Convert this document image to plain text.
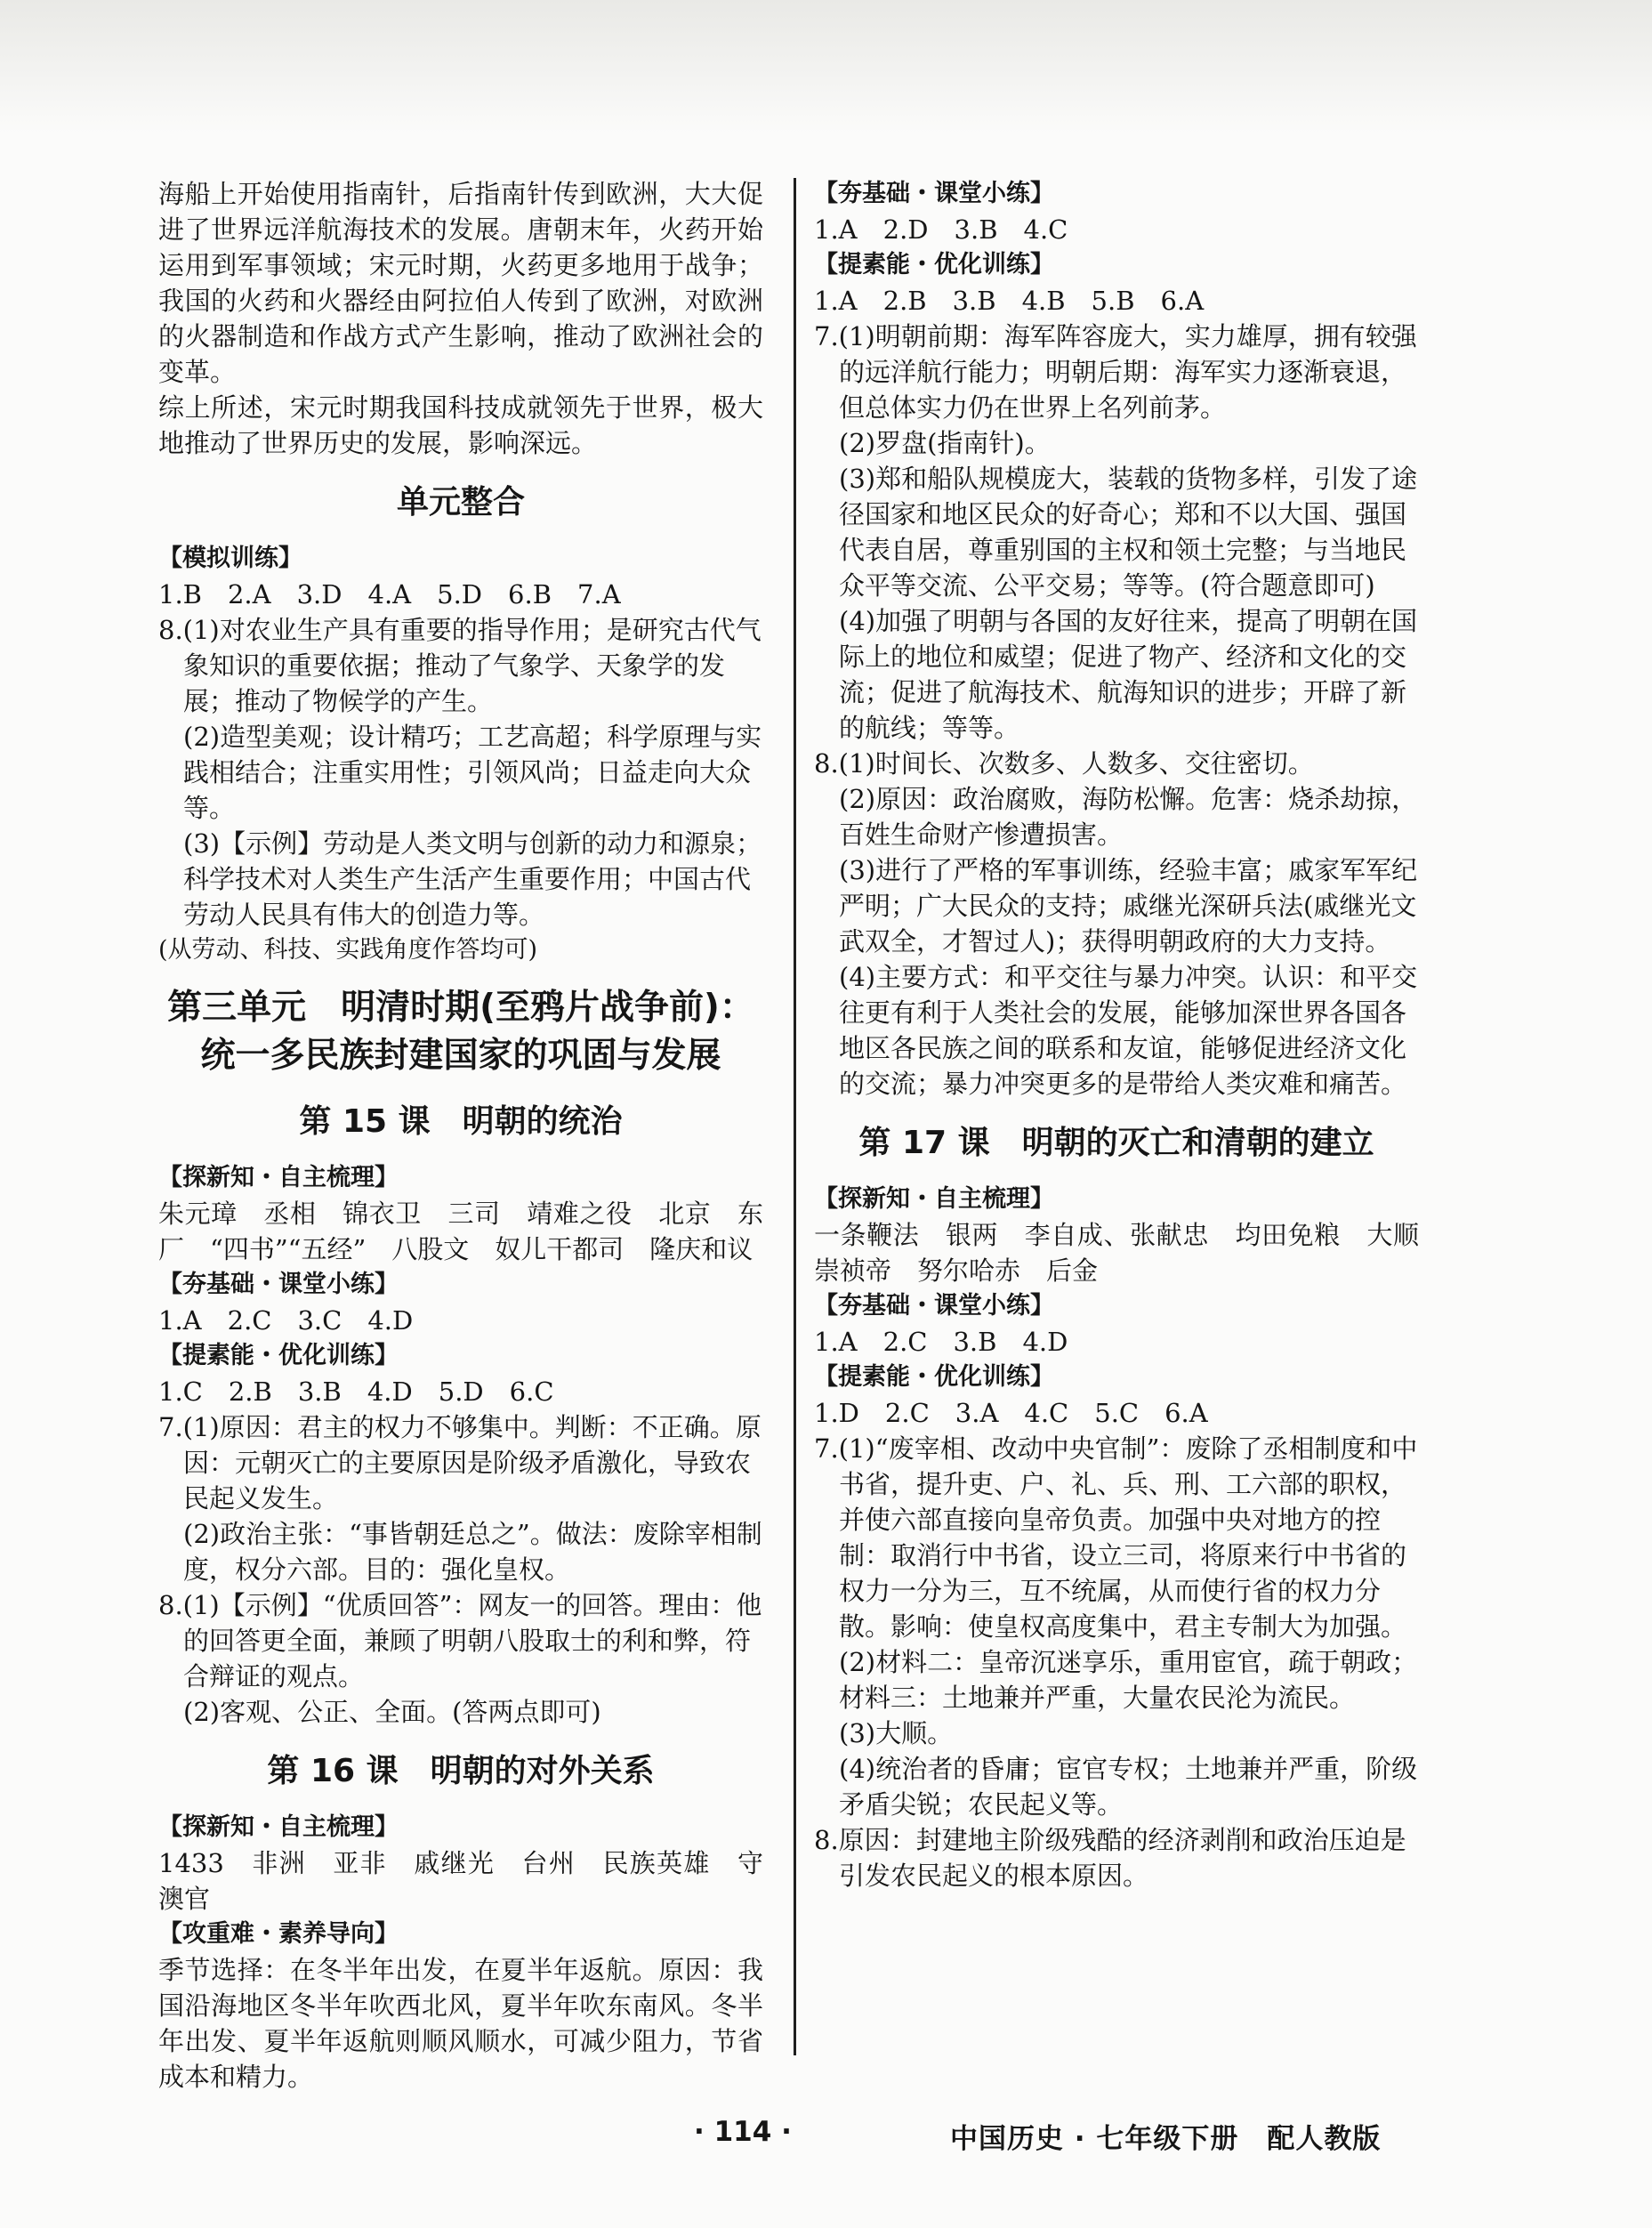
海船上开始使用指南针，后指南针传到欧洲，大大促进了世界远洋航海技术的发展。唐朝末年，火药开始运用到军事领域；宋元时期，火药更多地用于战争；我国的火药和火器经由阿拉伯人传到了欧洲，对欧洲的火器制造和作战方式产生影响，推动了欧洲社会的变革。

综上所述，宋元时期我国科技成就领先于世界，极大地推动了世界历史的发展，影响深远。

单元整合

【模拟训练】

1.B　2.A　3.D　4.A　5.D　6.B　7.A

8.(1)对农业生产具有重要的指导作用；是研究古代气象知识的重要依据；推动了气象学、天象学的发展；推动了物候学的产生。

(2)造型美观；设计精巧；工艺高超；科学原理与实践相结合；注重实用性；引领风尚；日益走向大众等。

(3)【示例】劳动是人类文明与创新的动力和源泉；科学技术对人类生产生活产生重要作用；中国古代劳动人民具有伟大的创造力等。

(从劳动、科技、实践角度作答均可)

第三单元　明清时期(至鸦片战争前)：
统一多民族封建国家的巩固与发展
第 15 课　明朝的统治

【探新知・自主梳理】

朱元璋　丞相　锦衣卫　三司　靖难之役　北京　东厂　“四书”“五经”　八股文　奴儿干都司　隆庆和议

【夯基础・课堂小练】

1.A　2.C　3.C　4.D

【提素能・优化训练】

1.C　2.B　3.B　4.D　5.D　6.C

7.(1)原因：君主的权力不够集中。判断：不正确。原因：元朝灭亡的主要原因是阶级矛盾激化，导致农民起义发生。

(2)政治主张：“事皆朝廷总之”。做法：废除宰相制度，权分六部。目的：强化皇权。

8.(1)【示例】“优质回答”：网友一的回答。理由：他的回答更全面，兼顾了明朝八股取士的利和弊，符合辩证的观点。

(2)客观、公正、全面。(答两点即可)

第 16 课　明朝的对外关系

【探新知・自主梳理】

1433　非洲　亚非　戚继光　台州　民族英雄　守澳官

【攻重难・素养导向】

季节选择：在冬半年出发，在夏半年返航。原因：我国沿海地区冬半年吹西北风，夏半年吹东南风。冬半年出发、夏半年返航则顺风顺水，可减少阻力，节省成本和精力。

【夯基础・课堂小练】

1.A　2.D　3.B　4.C

【提素能・优化训练】

1.A　2.B　3.B　4.B　5.B　6.A

7.(1)明朝前期：海军阵容庞大，实力雄厚，拥有较强的远洋航行能力；明朝后期：海军实力逐渐衰退，但总体实力仍在世界上名列前茅。

(2)罗盘(指南针)。

(3)郑和船队规模庞大，装载的货物多样，引发了途径国家和地区民众的好奇心；郑和不以大国、强国代表自居，尊重别国的主权和领土完整；与当地民众平等交流、公平交易；等等。(符合题意即可)

(4)加强了明朝与各国的友好往来，提高了明朝在国际上的地位和威望；促进了物产、经济和文化的交流；促进了航海技术、航海知识的进步；开辟了新的航线；等等。

8.(1)时间长、次数多、人数多、交往密切。

(2)原因：政治腐败，海防松懈。危害：烧杀劫掠，百姓生命财产惨遭损害。

(3)进行了严格的军事训练，经验丰富；戚家军军纪严明；广大民众的支持；戚继光深研兵法(戚继光文武双全，才智过人)；获得明朝政府的大力支持。

(4)主要方式：和平交往与暴力冲突。认识：和平交往更有利于人类社会的发展，能够加深世界各国各地区各民族之间的联系和友谊，能够促进经济文化的交流；暴力冲突更多的是带给人类灾难和痛苦。

第 17 课　明朝的灭亡和清朝的建立

【探新知・自主梳理】

一条鞭法　银两　李自成、张献忠　均田免粮　大顺　崇祯帝　努尔哈赤　后金

【夯基础・课堂小练】

1.A　2.C　3.B　4.D

【提素能・优化训练】

1.D　2.C　3.A　4.C　5.C　6.A

7.(1)“废宰相、改动中央官制”：废除了丞相制度和中书省，提升吏、户、礼、兵、刑、工六部的职权，并使六部直接向皇帝负责。加强中央对地方的控制：取消行中书省，设立三司，将原来行中书省的权力一分为三，互不统属，从而使行省的权力分散。影响：使皇权高度集中，君主专制大为加强。

(2)材料二：皇帝沉迷享乐，重用宦官，疏于朝政；材料三：土地兼并严重，大量农民沦为流民。

(3)大顺。

(4)统治者的昏庸；宦官专权；土地兼并严重，阶级矛盾尖锐；农民起义等。

8.原因：封建地主阶级残酷的经济剥削和政治压迫是引发农民起义的根本原因。

· 114 ·	中国历史 · 七年级下册　配人教版
